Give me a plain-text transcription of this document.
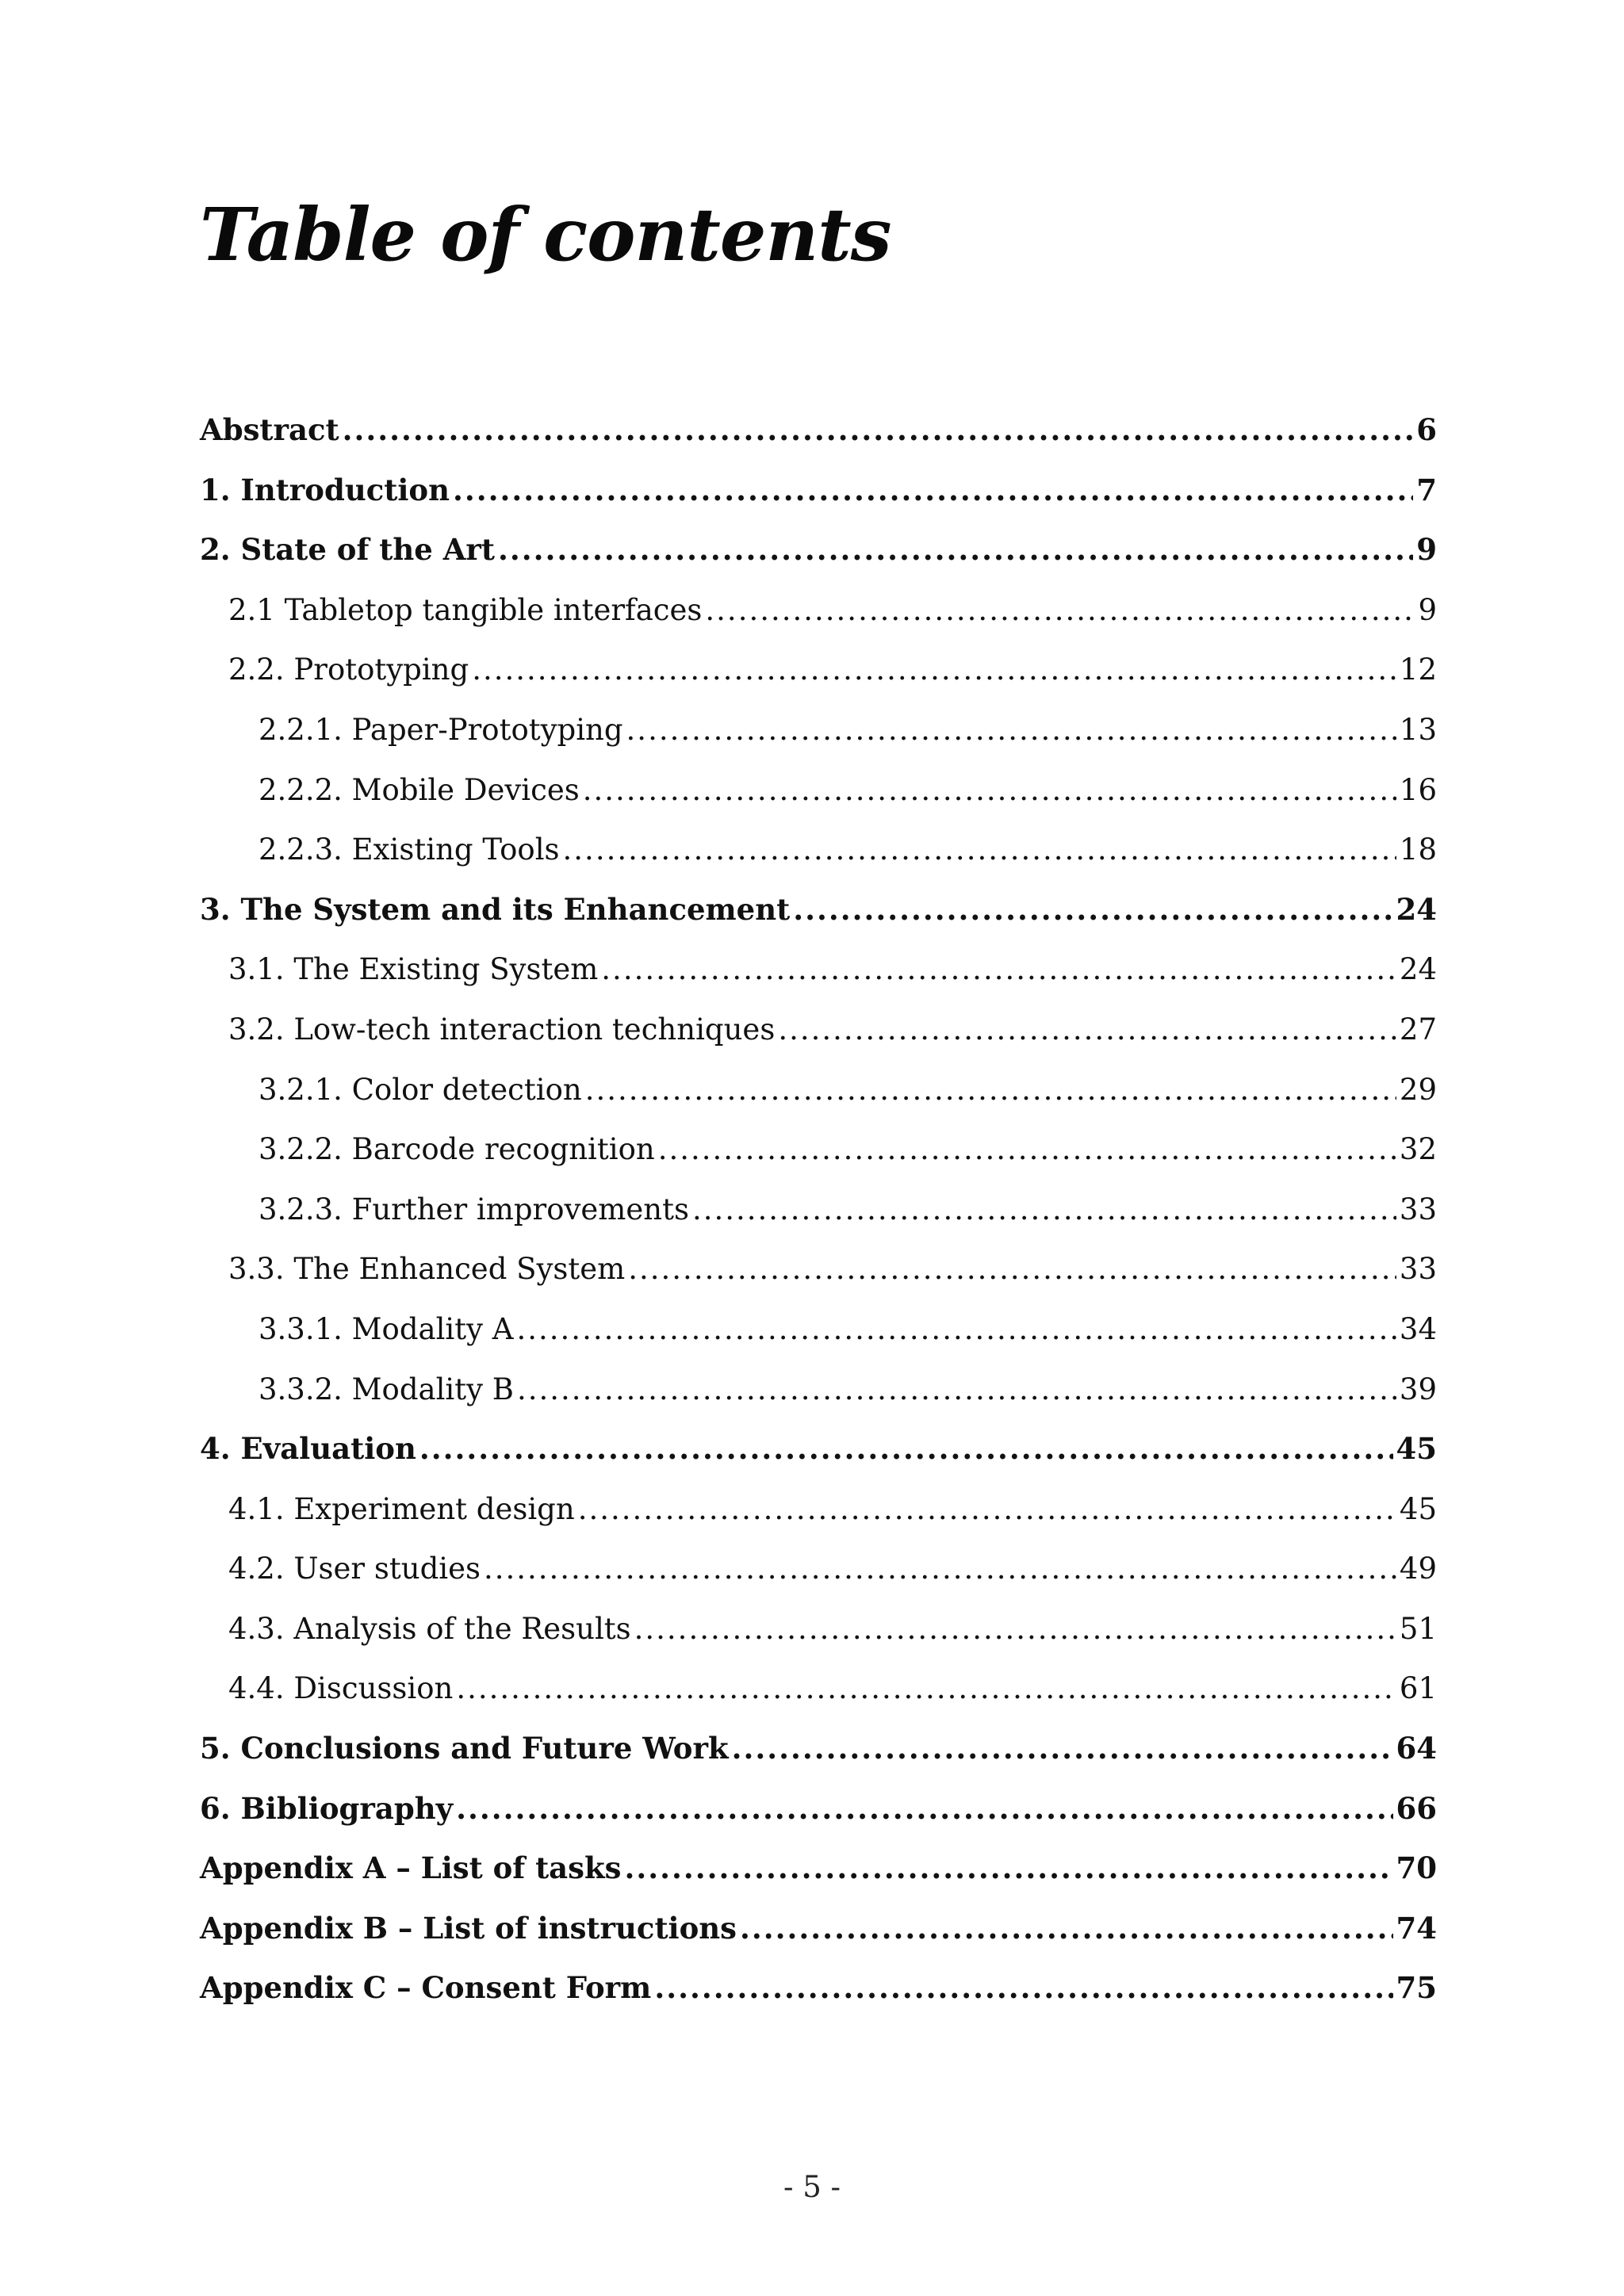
Table of contents
Abstract .....	6
1. Introduction .....	7
2. State of the Art .....	9
2.1 Tabletop tangible interfaces .....	9
2.2. Prototyping .....	12
2.2.1. Paper-Prototyping .....	13
2.2.2. Mobile Devices .....	16
2.2.3. Existing Tools .....	18
3. The System and its Enhancement .....	24
3.1. The Existing System .....	24
3.2. Low-tech interaction techniques .....	27
3.2.1. Color detection .....	29
3.2.2. Barcode recognition .....	32
3.2.3. Further improvements .....	33
3.3. The Enhanced System .....	33
3.3.1. Modality A .....	34
3.3.2. Modality B .....	39
4. Evaluation .....	45
4.1. Experiment design .....	45
4.2. User studies .....	49
4.3. Analysis of the Results .....	51
4.4. Discussion .....	61
5. Conclusions and Future Work .....	64
6. Bibliography .....	66
Appendix A – List of tasks .....	70
Appendix B – List of instructions .....	74
Appendix C – Consent Form .....	75
- 5 -
